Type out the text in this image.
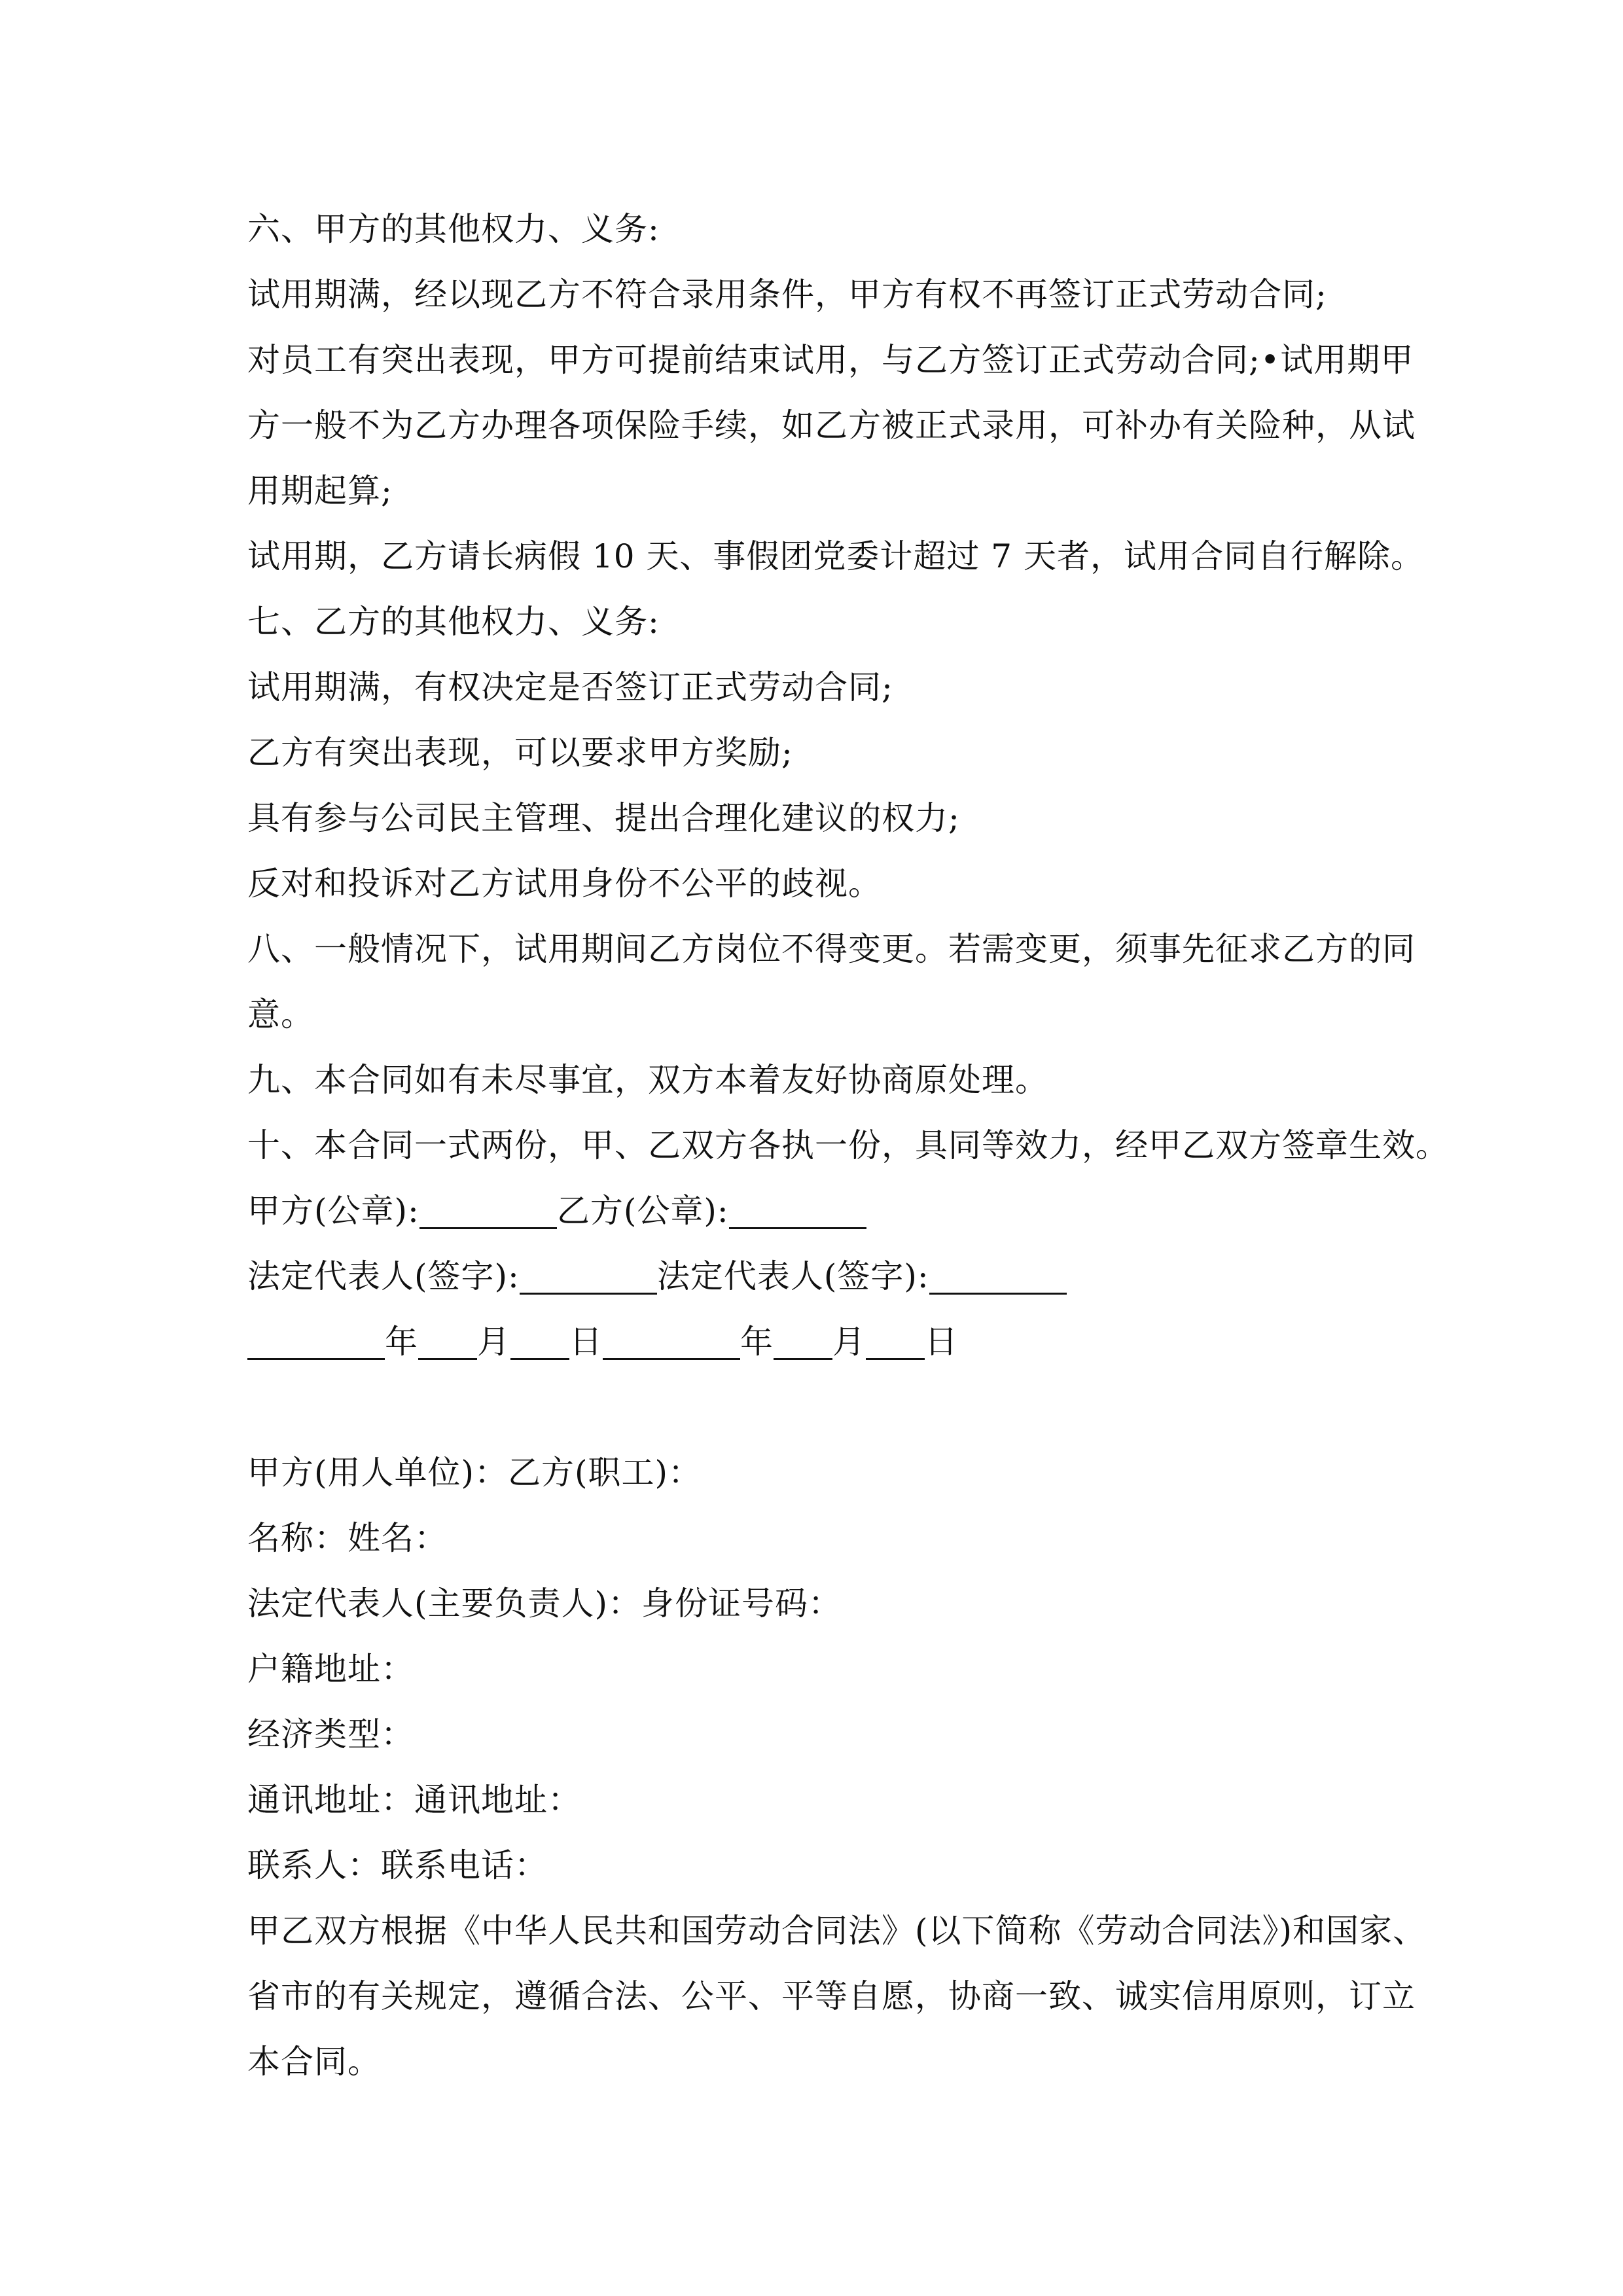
六、甲方的其他权力、义务:
试用期满，经以现乙方不符合录用条件，甲方有权不再签订正式劳动合同;
对员工有突出表现，甲方可提前结束试用，与乙方签订正式劳动合同;•试用期甲
方一般不为乙方办理各项保险手续，如乙方被正式录用，可补办有关险种，从试
用期起算;
试用期，乙方请长病假 10 天、事假团党委计超过 7 天者，试用合同自行解除。
七、乙方的其他权力、义务:
试用期满，有权决定是否签订正式劳动合同;
乙方有突出表现，可以要求甲方奖励;
具有参与公司民主管理、提出合理化建议的权力;
反对和投诉对乙方试用身份不公平的歧视。
八、一般情况下，试用期间乙方岗位不得变更。若需变更，须事先征求乙方的同
意。
九、本合同如有未尽事宜，双方本着友好协商原处理。
十、本合同一式两份，甲、乙双方各执一份，具同等效力，经甲乙双方签章生效。
甲方(公章):	乙方(公章):
法定代表人(签字):	法定代表人(签字):
年 月 日	年 月 日
甲方(用人单位)：乙方(职工)：
名称：姓名：
法定代表人(主要负责人)：身份证号码：
户籍地址：
经济类型：
通讯地址：通讯地址：
联系人：联系电话：
甲乙双方根据《中华人民共和国劳动合同法》(以下简称《劳动合同法》)和国家、
省市的有关规定，遵循合法、公平、平等自愿，协商一致、诚实信用原则，订立
本合同。
